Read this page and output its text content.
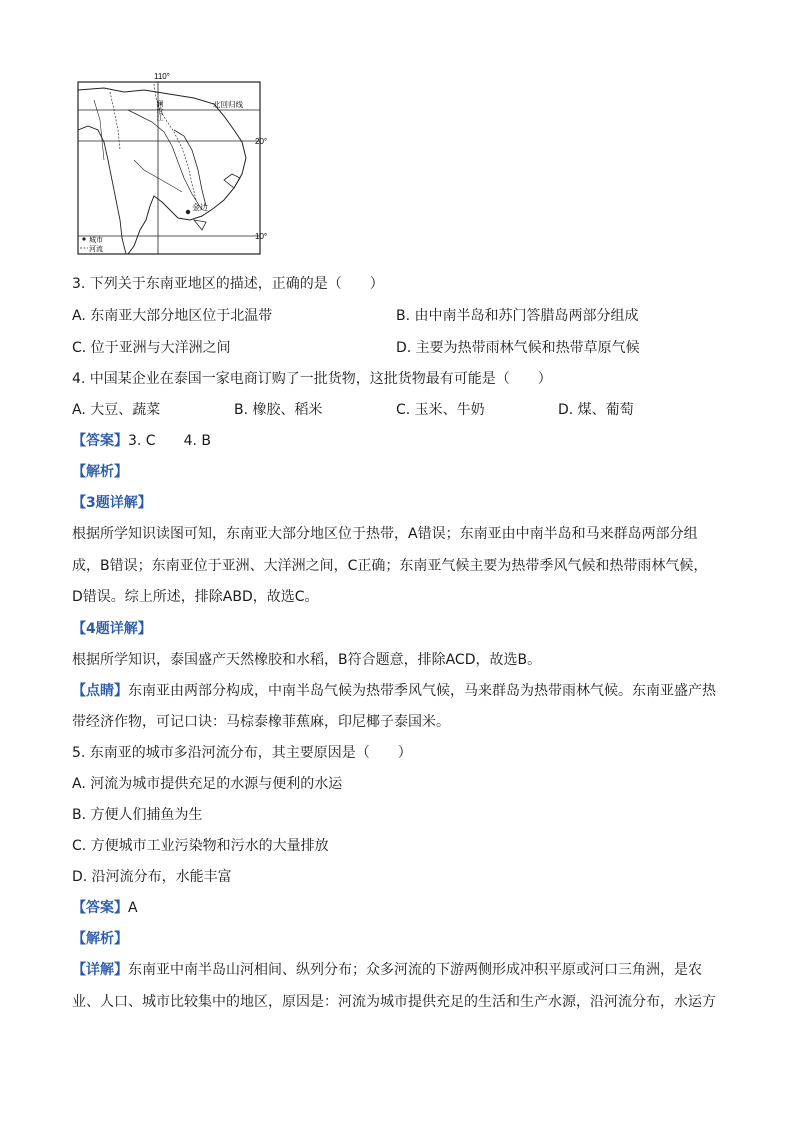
110°
20°
10°
北回归线
澜沧江
金边
城市
河流
3. 下列关于东南亚地区的描述，正确的是（　　）
A. 东南亚大部分地区位于北温带	B. 由中南半岛和苏门答腊岛两部分组成
C. 位于亚洲与大洋洲之间	D. 主要为热带雨林气候和热带草原气候
4. 中国某企业在泰国一家电商订购了一批货物，这批货物最有可能是（　　）
A. 大豆、蔬菜	B. 橡胶、稻米	C. 玉米、牛奶	D. 煤、葡萄
【答案】3. C　　4. B
【解析】
【3题详解】
根据所学知识读图可知，东南亚大部分地区位于热带，A错误；东南亚由中南半岛和马来群岛两部分组
成，B错误；东南亚位于亚洲、大洋洲之间，C正确；东南亚气候主要为热带季风气候和热带雨林气候，
D错误。综上所述，排除ABD，故选C。
【4题详解】
根据所学知识，泰国盛产天然橡胶和水稻，B符合题意，排除ACD，故选B。
【点睛】东南亚由两部分构成，中南半岛气候为热带季风气候，马来群岛为热带雨林气候。东南亚盛产热
带经济作物，可记口诀：马棕泰橡菲蕉麻，印尼椰子泰国米。
5. 东南亚的城市多沿河流分布，其主要原因是（　　）
A. 河流为城市提供充足的水源与便利的水运
B. 方便人们捕鱼为生
C. 方便城市工业污染物和污水的大量排放
D. 沿河流分布，水能丰富
【答案】A
【解析】
【详解】东南亚中南半岛山河相间、纵列分布；众多河流的下游两侧形成冲积平原或河口三角洲，是农
业、人口、城市比较集中的地区，原因是：河流为城市提供充足的生活和生产水源，沿河流分布，水运方
